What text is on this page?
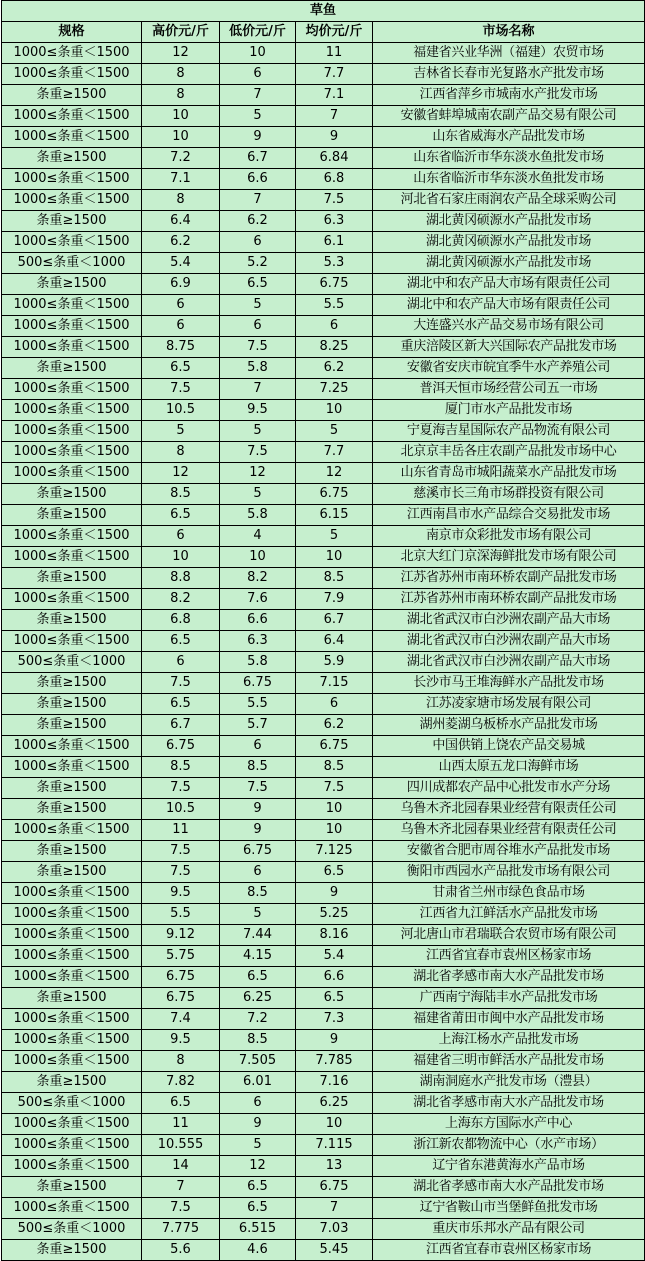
草鱼				
规格	高价元/斤	低价元/斤	均价元/斤	市场名称
1000≤条重＜1500	12	10	11	福建省兴业华洲（福建）农贸市场
1000≤条重＜1500	8	6	7.7	吉林省长春市光复路水产批发市场
条重≥1500	8	7	7.1	江西省萍乡市城南水产批发市场
1000≤条重＜1500	10	5	7	安徽省蚌埠城南农副产品交易有限公司
1000≤条重＜1500	10	9	9	山东省威海水产品批发市场
条重≥1500	7.2	6.7	6.84	山东省临沂市华东淡水鱼批发市场
1000≤条重＜1500	7.1	6.6	6.8	山东省临沂市华东淡水鱼批发市场
1000≤条重＜1500	8	7	7.5	河北省石家庄雨润农产品全球采购公司
条重≥1500	6.4	6.2	6.3	湖北黄冈硕源水产品批发市场
1000≤条重＜1500	6.2	6	6.1	湖北黄冈硕源水产品批发市场
500≤条重＜1000	5.4	5.2	5.3	湖北黄冈硕源水产品批发市场
条重≥1500	6.9	6.5	6.75	湖北中和农产品大市场有限责任公司
1000≤条重＜1500	6	5	5.5	湖北中和农产品大市场有限责任公司
1000≤条重＜1500	6	6	6	大连盛兴水产品交易市场有限公司
1000≤条重＜1500	8.75	7.5	8.25	重庆涪陵区新大兴国际农产品批发市场
条重≥1500	6.5	5.8	6.2	安徽省安庆市皖宜季牛水产养殖公司
1000≤条重＜1500	7.5	7	7.25	普洱天恒市场经营公司五一市场
1000≤条重＜1500	10.5	9.5	10	厦门市水产品批发市场
1000≤条重＜1500	5	5	5	宁夏海吉星国际农产品物流有限公司
1000≤条重＜1500	8	7.5	7.7	北京京丰岳各庄农副产品批发市场中心
1000≤条重＜1500	12	12	12	山东省青岛市城阳蔬菜水产品批发市场
条重≥1500	8.5	5	6.75	慈溪市长三角市场群投资有限公司
条重≥1500	6.5	5.8	6.15	江西南昌市水产品综合交易批发市场
1000≤条重＜1500	6	4	5	南京市众彩批发市场有限公司
1000≤条重＜1500	10	10	10	北京大红门京深海鲜批发市场有限公司
条重≥1500	8.8	8.2	8.5	江苏省苏州市南环桥农副产品批发市场
1000≤条重＜1500	8.2	7.6	7.9	江苏省苏州市南环桥农副产品批发市场
条重≥1500	6.8	6.6	6.7	湖北省武汉市白沙洲农副产品大市场
1000≤条重＜1500	6.5	6.3	6.4	湖北省武汉市白沙洲农副产品大市场
500≤条重＜1000	6	5.8	5.9	湖北省武汉市白沙洲农副产品大市场
条重≥1500	7.5	6.75	7.15	长沙市马王堆海鲜水产品批发市场
条重≥1500	6.5	5.5	6	江苏凌家塘市场发展有限公司
条重≥1500	6.7	5.7	6.2	湖州菱湖乌板桥水产品批发市场
1000≤条重＜1500	6.75	6	6.75	中国供销上饶农产品交易城
1000≤条重＜1500	8.5	8.5	8.5	山西太原五龙口海鲜市场
条重≥1500	7.5	7.5	7.5	四川成都农产品中心批发市水产分场
条重≥1500	10.5	9	10	乌鲁木齐北园春果业经营有限责任公司
1000≤条重＜1500	11	9	10	乌鲁木齐北园春果业经营有限责任公司
条重≥1500	7.5	6.75	7.125	安徽省合肥市周谷堆水产品批发市场
条重≥1500	7.5	6	6.5	衡阳市西园水产品批发市场有限公司
1000≤条重＜1500	9.5	8.5	9	甘肃省兰州市绿色食品市场
1000≤条重＜1500	5.5	5	5.25	江西省九江鲜活水产品批发市场
1000≤条重＜1500	9.12	7.44	8.16	河北唐山市君瑞联合农贸市场有限公司
1000≤条重＜1500	5.75	4.15	5.4	江西省宜春市袁州区杨家市场
1000≤条重＜1500	6.75	6.5	6.6	湖北省孝感市南大水产品批发市场
条重≥1500	6.75	6.25	6.5	广西南宁海陆丰水产品批发市场
1000≤条重＜1500	7.4	7.2	7.3	福建省莆田市闽中水产品批发市场
1000≤条重＜1500	9.5	8.5	9	上海江杨水产品批发市场
1000≤条重＜1500	8	7.505	7.785	福建省三明市鲜活水产品批发市场
条重≥1500	7.82	6.01	7.16	湖南洞庭水产批发市场（澧县）
500≤条重＜1000	6.5	6	6.25	湖北省孝感市南大水产品批发市场
1000≤条重＜1500	11	9	10	上海东方国际水产中心
1000≤条重＜1500	10.555	5	7.115	浙江新农都物流中心（水产市场）
1000≤条重＜1500	14	12	13	辽宁省东港黄海水产品市场
条重≥1500	7	6.5	6.75	湖北省孝感市南大水产品批发市场
1000≤条重＜1500	7.5	6.5	7	辽宁省鞍山市当堡鲜鱼批发市场
500≤条重＜1000	7.775	6.515	7.03	重庆市乐邦水产品有限公司
条重≥1500	5.6	4.6	5.45	江西省宜春市袁州区杨家市场
